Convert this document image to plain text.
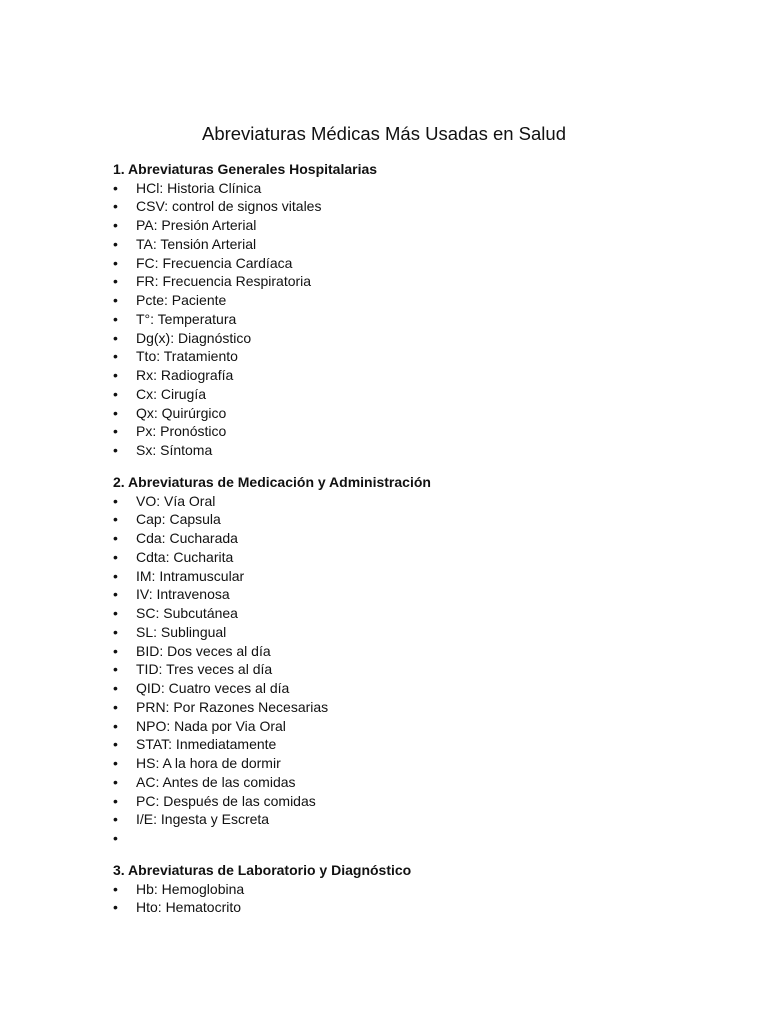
Abreviaturas Médicas Más Usadas en Salud
1. Abreviaturas Generales Hospitalarias
•	HCl: Historia Clínica
•	CSV: control de signos vitales
•	PA: Presión Arterial
•	TA: Tensión Arterial
•	FC: Frecuencia Cardíaca
•	FR: Frecuencia Respiratoria
•	Pcte: Paciente
•	T°: Temperatura
•	Dg(x): Diagnóstico
•	Tto: Tratamiento
•	Rx: Radiografía
•	Cx: Cirugía
•	Qx: Quirúrgico
•	Px: Pronóstico
•	Sx: Síntoma
2. Abreviaturas de Medicación y Administración
•	VO: Vía Oral
•	Cap: Capsula
•	Cda: Cucharada
•	Cdta: Cucharita
•	IM: Intramuscular
•	IV: Intravenosa
•	SC: Subcutánea
•	SL: Sublingual
•	BID: Dos veces al día
•	TID: Tres veces al día
•	QID: Cuatro veces al día
•	PRN: Por Razones Necesarias
•	NPO: Nada por Via Oral
•	STAT: Inmediatamente
•	HS: A la hora de dormir
•	AC: Antes de las comidas
•	PC: Después de las comidas
•	I/E: Ingesta y Escreta
•
3. Abreviaturas de Laboratorio y Diagnóstico
•	Hb: Hemoglobina
•	Hto: Hematocrito
